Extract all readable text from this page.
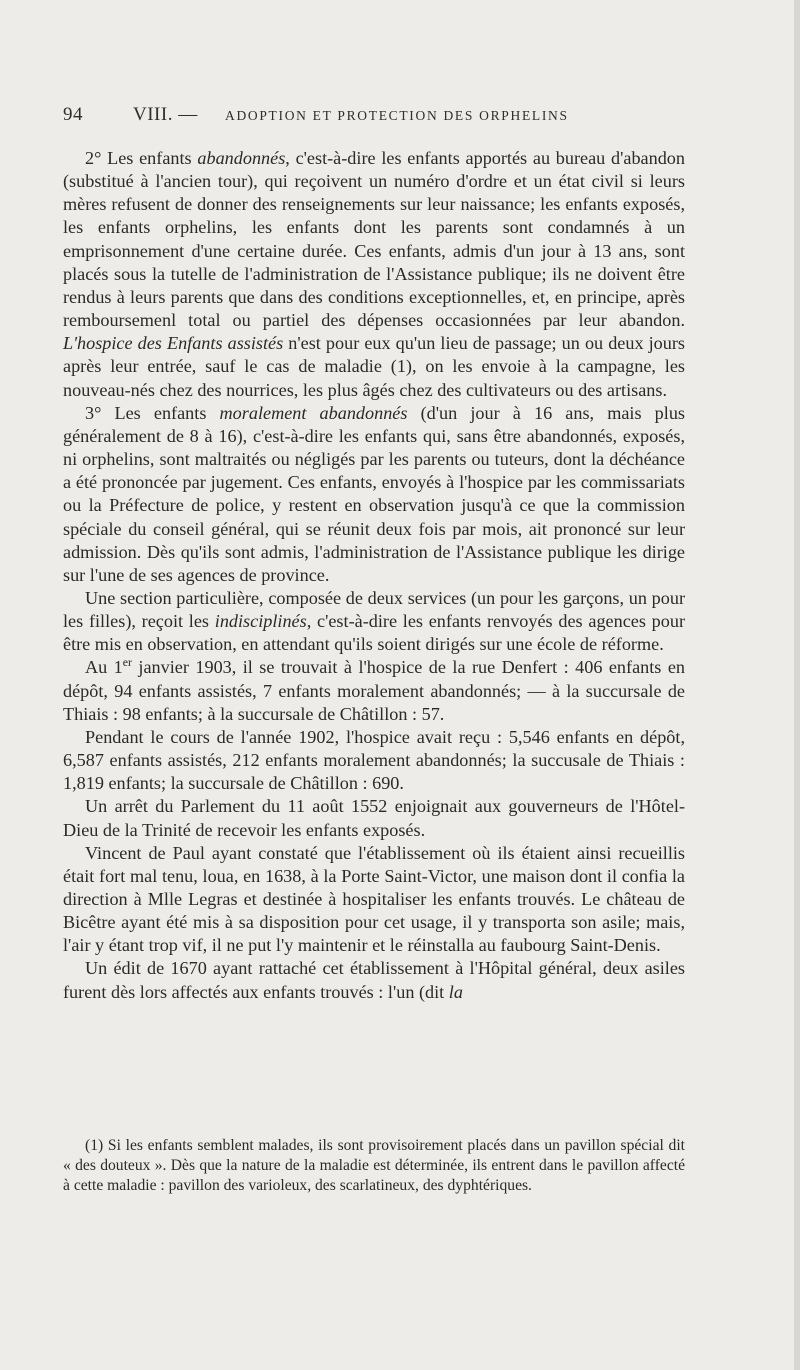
94	VIII. — ADOPTION ET PROTECTION DES ORPHELINS

2° Les enfants abandonnés, c'est-à-dire les enfants apportés au bureau d'abandon (substitué à l'ancien tour), qui reçoivent un numéro d'ordre et un état civil si leurs mères refusent de donner des renseignements sur leur naissance; les enfants exposés, les enfants orphelins, les enfants dont les parents sont condamnés à un emprisonnement d'une certaine durée. Ces enfants, admis d'un jour à 13 ans, sont placés sous la tutelle de l'administration de l'Assistance publique; ils ne doivent être rendus à leurs parents que dans des conditions exceptionnelles, et, en principe, après remboursemenl total ou partiel des dépenses occasionnées par leur abandon. L'hospice des Enfants assistés n'est pour eux qu'un lieu de passage; un ou deux jours après leur entrée, sauf le cas de maladie (1), on les envoie à la campagne, les nouveau-nés chez des nourrices, les plus âgés chez des cultivateurs ou des artisans.

3° Les enfants moralement abandonnés (d'un jour à 16 ans, mais plus généralement de 8 à 16), c'est-à-dire les enfants qui, sans être abandonnés, exposés, ni orphelins, sont maltraités ou négligés par les parents ou tuteurs, dont la déchéance a été prononcée par jugement. Ces enfants, envoyés à l'hospice par les commissariats ou la Préfecture de police, y restent en observation jusqu'à ce que la commission spéciale du conseil général, qui se réunit deux fois par mois, ait prononcé sur leur admission. Dès qu'ils sont admis, l'administration de l'Assistance publique les dirige sur l'une de ses agences de province.

Une section particulière, composée de deux services (un pour les garçons, un pour les filles), reçoit les indisciplinés, c'est-à-dire les enfants renvoyés des agences pour être mis en observation, en attendant qu'ils soient dirigés sur une école de réforme.

Au 1er janvier 1903, il se trouvait à l'hospice de la rue Denfert : 406 enfants en dépôt, 94 enfants assistés, 7 enfants moralement abandonnés; — à la succursale de Thiais : 98 enfants; à la succursale de Châtillon : 57.

Pendant le cours de l'année 1902, l'hospice avait reçu : 5,546 enfants en dépôt, 6,587 enfants assistés, 212 enfants moralement abandonnés; la succusale de Thiais : 1,819 enfants; la succursale de Châtillon : 690.

Un arrêt du Parlement du 11 août 1552 enjoignait aux gouverneurs de l'Hôtel-Dieu de la Trinité de recevoir les enfants exposés.

Vincent de Paul ayant constaté que l'établissement où ils étaient ainsi recueillis était fort mal tenu, loua, en 1638, à la Porte Saint-Victor, une maison dont il confia la direction à Mlle Legras et destinée à hospitaliser les enfants trouvés. Le château de Bicêtre ayant été mis à sa disposition pour cet usage, il y transporta son asile; mais, l'air y étant trop vif, il ne put l'y maintenir et le réinstalla au faubourg Saint-Denis.

Un édit de 1670 ayant rattaché cet établissement à l'Hôpital général, deux asiles furent dès lors affectés aux enfants trouvés : l'un (dit la

(1) Si les enfants semblent malades, ils sont provisoirement placés dans un pavillon spécial dit « des douteux ». Dès que la nature de la maladie est déterminée, ils entrent dans le pavillon affecté à cette maladie : pavillon des varioleux, des scarlatineux, des dyphtériques.
